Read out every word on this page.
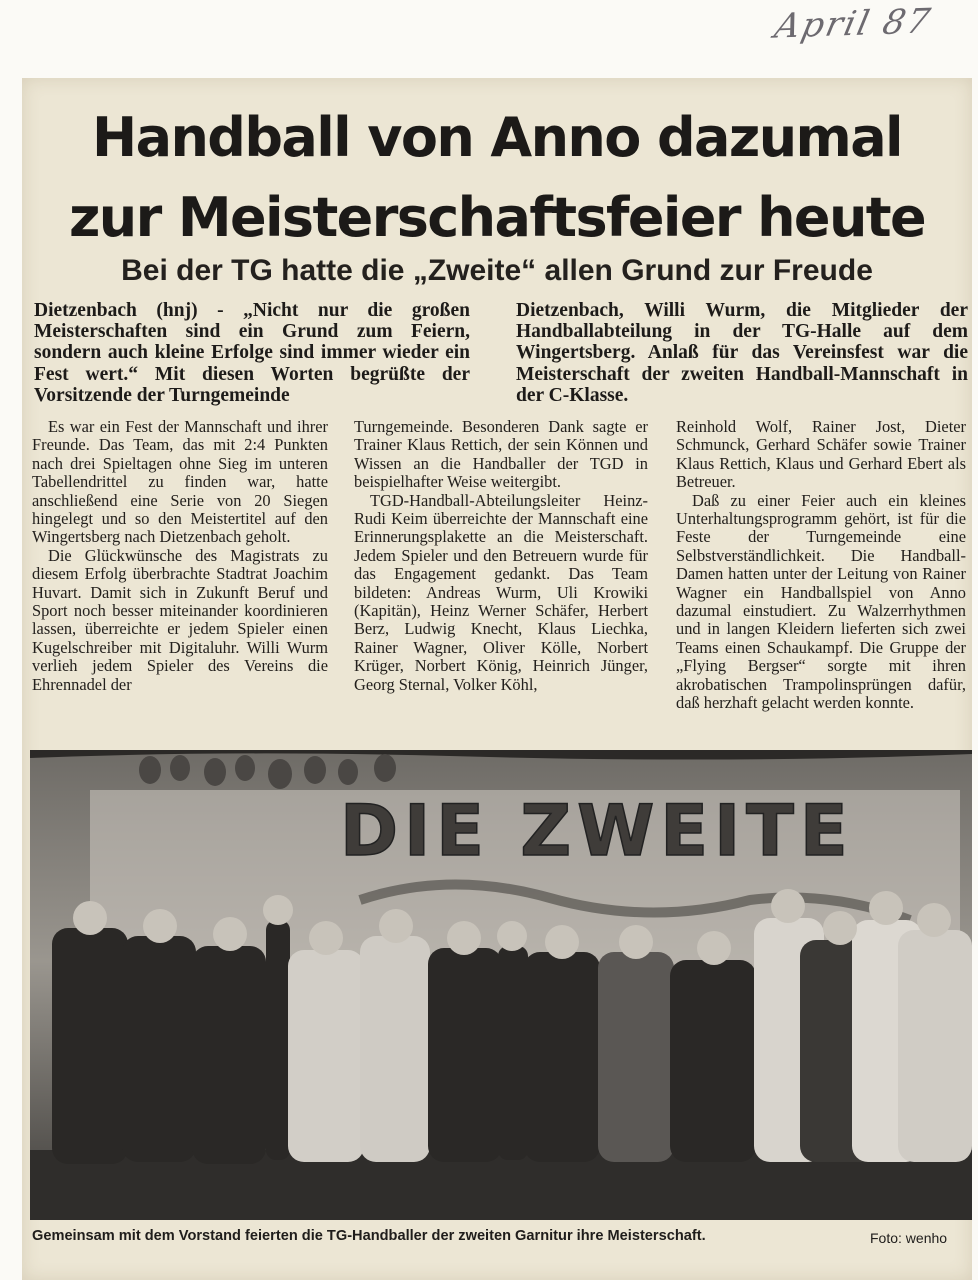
April 87
Handball von Anno dazumal
zur Meisterschaftsfeier heute
Bei der TG hatte die „Zweite“ allen Grund zur Freude

Dietzenbach (hnj) - „Nicht nur die großen Meisterschaften sind ein Grund zum Feiern, sondern auch kleine Erfolge sind immer wieder ein Fest wert.“ Mit diesen Worten begrüßte der Vorsitzende der Turngemeinde

Dietzenbach, Willi Wurm, die Mitglieder der Handballabteilung in der TG-Halle auf dem Wingertsberg. Anlaß für das Vereinsfest war die Meisterschaft der zweiten Handball-Mannschaft in der C-Klasse.

Es war ein Fest der Mannschaft und ihrer Freunde. Das Team, das mit 2:4 Punkten nach drei Spieltagen ohne Sieg im unteren Tabellendrittel zu finden war, hatte anschließend eine Serie von 20 Siegen hingelegt und so den Meistertitel auf den Wingertsberg nach Dietzenbach geholt.

Die Glückwünsche des Magistrats zu diesem Erfolg überbrachte Stadtrat Joachim Huvart. Damit sich in Zukunft Beruf und Sport noch besser miteinander koordinieren lassen, überreichte er jedem Spieler einen Kugelschreiber mit Digitaluhr. Willi Wurm verlieh jedem Spieler des Vereins die Ehrennadel der

Turngemeinde. Besonderen Dank sagte er Trainer Klaus Rettich, der sein Können und Wissen an die Handballer der TGD in beispielhafter Weise weitergibt.

TGD-Handball-Abteilungsleiter Heinz-Rudi Keim überreichte der Mannschaft eine Erinnerungsplakette an die Meisterschaft. Jedem Spieler und den Betreuern wurde für das Engagement gedankt. Das Team bildeten: Andreas Wurm, Uli Krowiki (Kapitän), Heinz Werner Schäfer, Herbert Berz, Ludwig Knecht, Klaus Liechka, Rainer Wagner, Oliver Kölle, Norbert Krüger, Norbert König, Heinrich Jünger, Georg Sternal, Volker Köhl,

Reinhold Wolf, Rainer Jost, Dieter Schmunck, Gerhard Schäfer sowie Trainer Klaus Rettich, Klaus und Gerhard Ebert als Betreuer.

Daß zu einer Feier auch ein kleines Unterhaltungsprogramm gehört, ist für die Feste der Turngemeinde eine Selbstverständlichkeit. Die Handball-Damen hatten unter der Leitung von Rainer Wagner ein Handballspiel von Anno dazumal einstudiert. Zu Walzerrhythmen und in langen Kleidern lieferten sich zwei Teams einen Schaukampf. Die Gruppe der „Flying Bergser“ sorgte mit ihren akrobatischen Trampolinsprüngen dafür, daß herzhaft gelacht werden konnte.

DIE ZWEITE

Gemeinsam mit dem Vorstand feierten die TG-Handballer der zweiten Garnitur ihre Meisterschaft.	Foto: wenho
